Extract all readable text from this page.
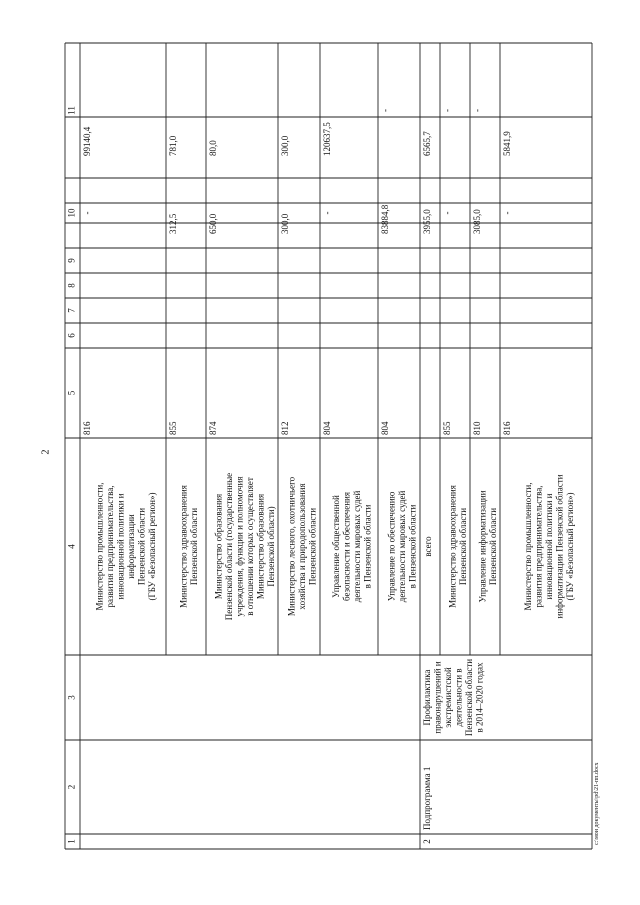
2
c:\мои документы\pd\21-пп.docx
1
2
3
4
5
6
7
8
9
10
11
Министерство промышленности, развития предпринимательства, инновационной политики и информатизации Пензенской области (ГБУ «Безопасный регион»)
816
-
99140,4
Министерство здравоохранения Пензенской области
855
312,5
781,0
Министерство образования Пензенской области (государственные учреждения, функции и полномочия в отношении которых осуществляет Министерство образования Пензенской области)
874
650,0
80,0
Министерство лесного, охотничьего хозяйства и природопользования Пензенской области
812
300,0
300,0
Управление общественной безопасности и обеспечения деятельности мировых судей в Пензенской области
804
-
120637,5
Управление по обеспечению деятельности мировых судей в Пензенской области
804
83884,8
-
всего
3955,0
6565,7
2
Подпрограмма 1
Профилактика правонарушений и экстремистской деятельности в Пензенской области в 2014–2020 годах
Министерство здравоохранения Пензенской области
855
-
-
Управление информатизации Пензенской области
810
3085,0
-
Министерство промышленности, развития предпринимательства, инновационной политики и информатизации Пензенской области (ГБУ «Безопасный регион»)
816
-
5841,9
